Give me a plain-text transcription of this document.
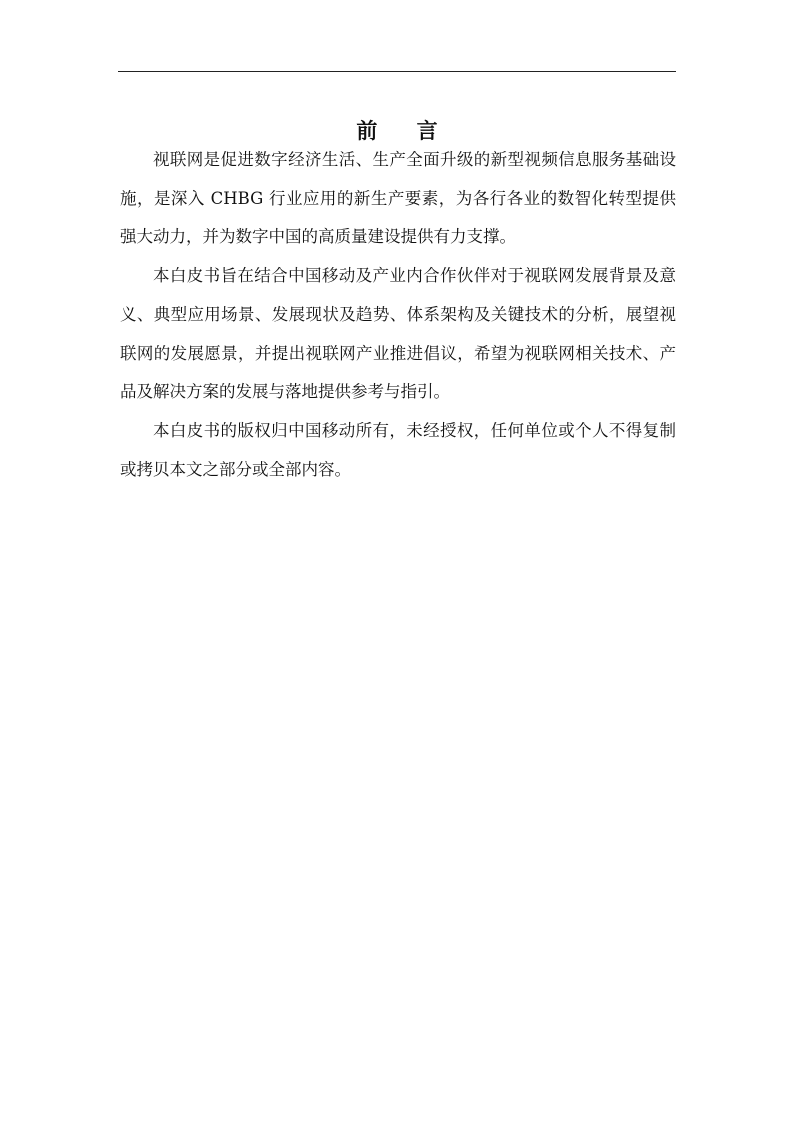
前 言

视联网是促进数字经济生活、生产全面升级的新型视频信息服务基础设施，是深入 CHBG 行业应用的新生产要素，为各行各业的数智化转型提供强大动力，并为数字中国的高质量建设提供有力支撑。

本白皮书旨在结合中国移动及产业内合作伙伴对于视联网发展背景及意义、典型应用场景、发展现状及趋势、体系架构及关键技术的分析，展望视联网的发展愿景，并提出视联网产业推进倡议，希望为视联网相关技术、产品及解决方案的发展与落地提供参考与指引。

本白皮书的版权归中国移动所有，未经授权，任何单位或个人不得复制或拷贝本文之部分或全部内容。
